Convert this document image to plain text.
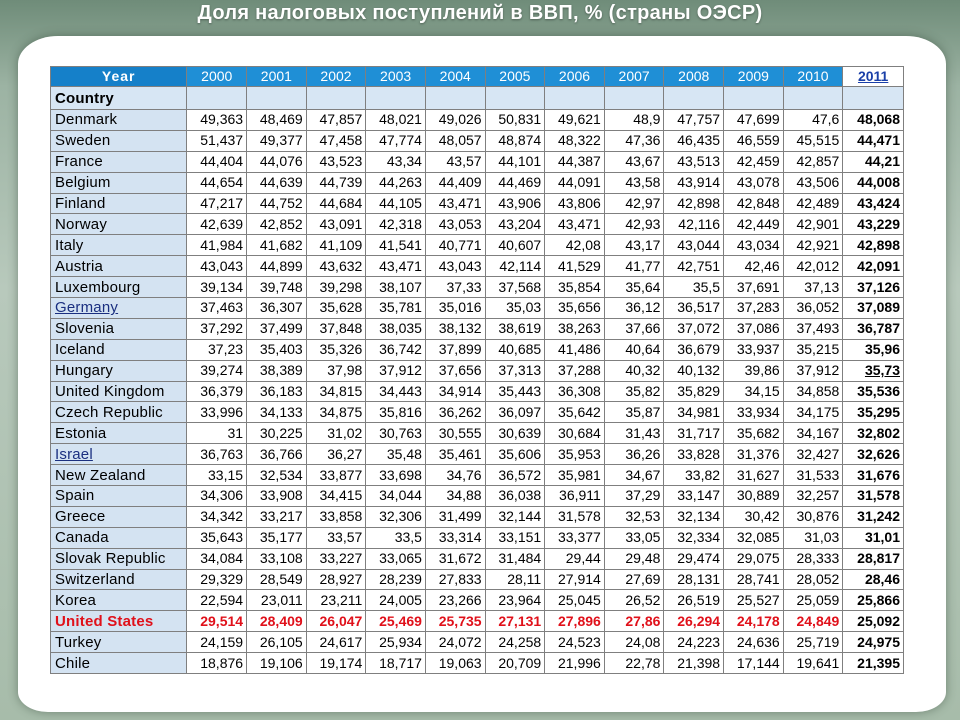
Доля налоговых поступлений в ВВП, % (страны ОЭСР)
Year	2000	2001	2002	2003	2004	2005	2006	2007	2008	2009	2010	2011
Country												
Denmark	49,363	48,469	47,857	48,021	49,026	50,831	49,621	48,9	47,757	47,699	47,6	48,068
Sweden	51,437	49,377	47,458	47,774	48,057	48,874	48,322	47,36	46,435	46,559	45,515	44,471
France	44,404	44,076	43,523	43,34	43,57	44,101	44,387	43,67	43,513	42,459	42,857	44,21
Belgium	44,654	44,639	44,739	44,263	44,409	44,469	44,091	43,58	43,914	43,078	43,506	44,008
Finland	47,217	44,752	44,684	44,105	43,471	43,906	43,806	42,97	42,898	42,848	42,489	43,424
Norway	42,639	42,852	43,091	42,318	43,053	43,204	43,471	42,93	42,116	42,449	42,901	43,229
Italy	41,984	41,682	41,109	41,541	40,771	40,607	42,08	43,17	43,044	43,034	42,921	42,898
Austria	43,043	44,899	43,632	43,471	43,043	42,114	41,529	41,77	42,751	42,46	42,012	42,091
Luxembourg	39,134	39,748	39,298	38,107	37,33	37,568	35,854	35,64	35,5	37,691	37,13	37,126
Germany	37,463	36,307	35,628	35,781	35,016	35,03	35,656	36,12	36,517	37,283	36,052	37,089
Slovenia	37,292	37,499	37,848	38,035	38,132	38,619	38,263	37,66	37,072	37,086	37,493	36,787
Iceland	37,23	35,403	35,326	36,742	37,899	40,685	41,486	40,64	36,679	33,937	35,215	35,96
Hungary	39,274	38,389	37,98	37,912	37,656	37,313	37,288	40,32	40,132	39,86	37,912	35,73
United Kingdom	36,379	36,183	34,815	34,443	34,914	35,443	36,308	35,82	35,829	34,15	34,858	35,536
Czech Republic	33,996	34,133	34,875	35,816	36,262	36,097	35,642	35,87	34,981	33,934	34,175	35,295
Estonia	31	30,225	31,02	30,763	30,555	30,639	30,684	31,43	31,717	35,682	34,167	32,802
Israel	36,763	36,766	36,27	35,48	35,461	35,606	35,953	36,26	33,828	31,376	32,427	32,626
New Zealand	33,15	32,534	33,877	33,698	34,76	36,572	35,981	34,67	33,82	31,627	31,533	31,676
Spain	34,306	33,908	34,415	34,044	34,88	36,038	36,911	37,29	33,147	30,889	32,257	31,578
Greece	34,342	33,217	33,858	32,306	31,499	32,144	31,578	32,53	32,134	30,42	30,876	31,242
Canada	35,643	35,177	33,57	33,5	33,314	33,151	33,377	33,05	32,334	32,085	31,03	31,01
Slovak Republic	34,084	33,108	33,227	33,065	31,672	31,484	29,44	29,48	29,474	29,075	28,333	28,817
Switzerland	29,329	28,549	28,927	28,239	27,833	28,11	27,914	27,69	28,131	28,741	28,052	28,46
Korea	22,594	23,011	23,211	24,005	23,266	23,964	25,045	26,52	26,519	25,527	25,059	25,866
United States	29,514	28,409	26,047	25,469	25,735	27,131	27,896	27,86	26,294	24,178	24,849	25,092
Turkey	24,159	26,105	24,617	25,934	24,072	24,258	24,523	24,08	24,223	24,636	25,719	24,975
Chile	18,876	19,106	19,174	18,717	19,063	20,709	21,996	22,78	21,398	17,144	19,641	21,395
